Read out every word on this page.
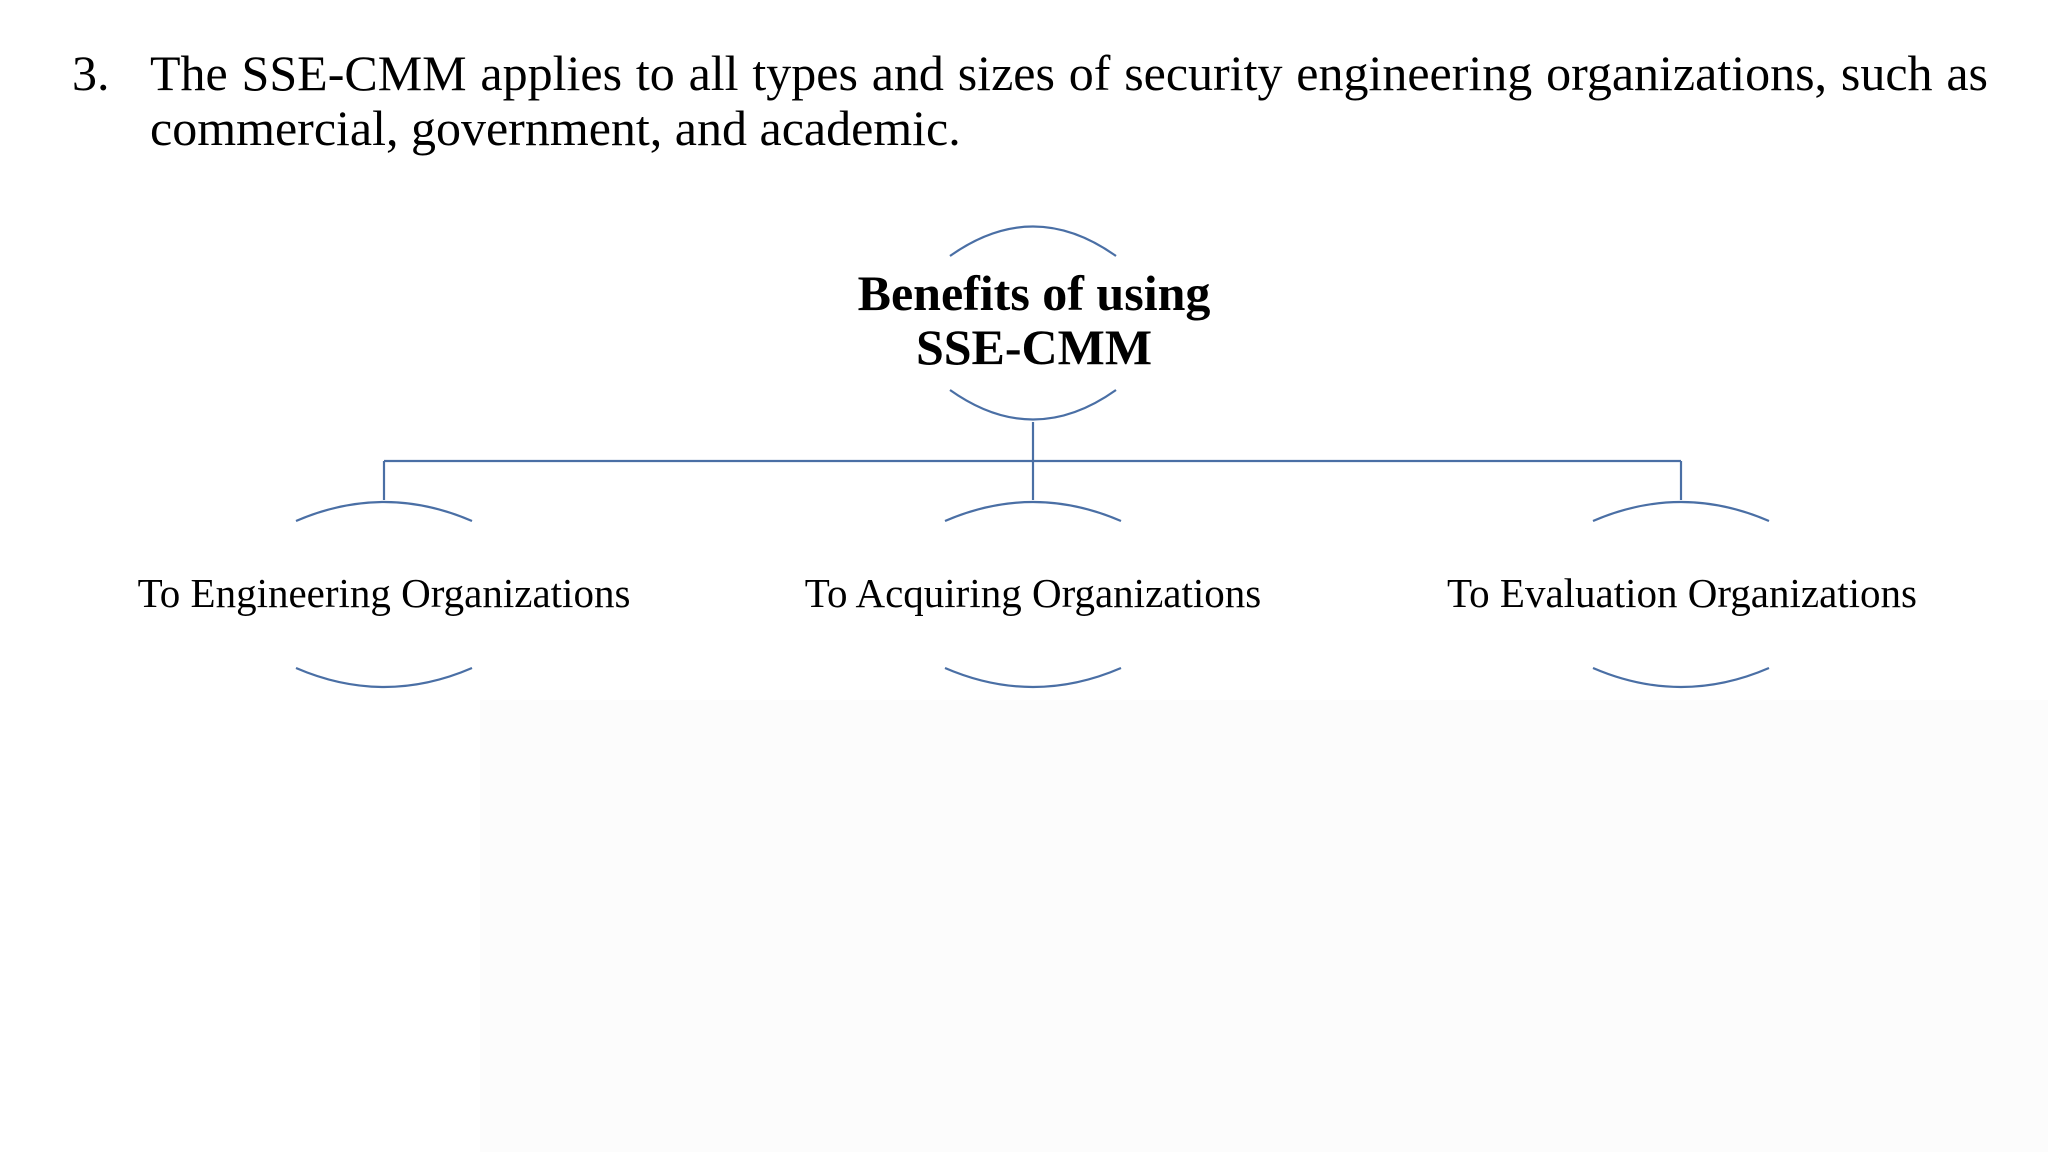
3. The SSE-CMM applies to all types and sizes of security engineering organizations, such as commercial, government, and academic.
Benefits of using
SSE-CMM
To Engineering Organizations	To Acquiring Organizations	To Evaluation Organizations
